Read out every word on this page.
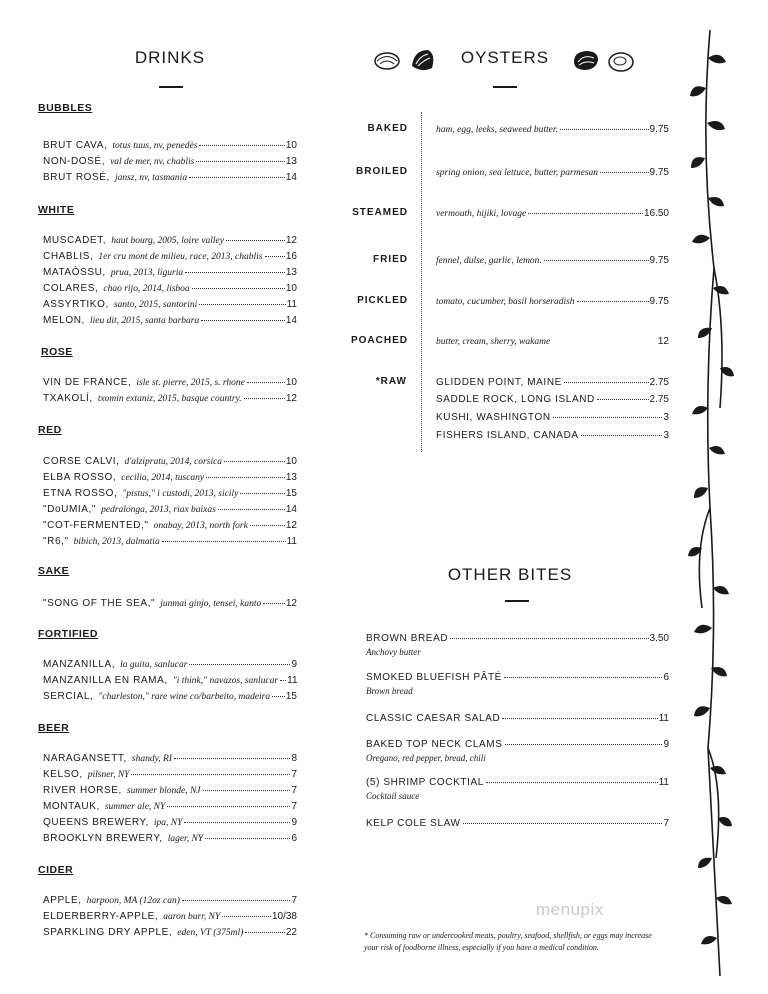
DRINKS	OYSTERS
BUBBLES
BRUT CAVA, totus tuus, nv, penedès	10
NON-DOSÉ, val de mer, nv, chablis	13
BRUT ROSÉ, jansz, nv, tasmania	14
WHITE
MUSCADET, haut bourg, 2005, loire valley	12
CHABLIS, 1er cru mont de milieu, race, 2013, chablis 16
MATAÒSSU, prua, 2013, liguria	13
COLARES, chao rijo, 2014, lisboa	10
ASSYRTIKO, santo, 2015, santorini	11
MELON, lieu dit, 2015, santa barbara	14
ROSE
VIN DE FRANCE, isle st. pierre, 2015, s. rhone	10
TXAKOLÍ, txomin extaniz, 2015, basque country.	12
RED
CORSE CALVI, d'alzipratu, 2014, corsica	10
ELBA ROSSO, cecilia, 2014, tuscany	13
ETNA ROSSO, "pistus," i custodi, 2013, sicily	15
"DoUMIA," pedralonga, 2013, riax baixas	14
"COT-FERMENTED," onabay, 2013, north fork	12
"R6," bibich, 2013, dalmatia	11
SAKE
"SONG OF THE SEA," junmai ginjo, tensei, kanto 12
FORTIFIED
MANZANILLA, la guita, sanlucar	9
MANZANILLA EN RAMA, "i think," navazos, sanlucar 11
SERCIAL, "charleston," rare wine co/barbeito, madeira 15
BEER
NARAGANSETT, shandy, RI	8
KELSO, pilsner, NY	7
RIVER HORSE, summer blonde, NJ	7
MONTAUK, summer ale, NY	7
QUEENS BREWERY, ipa, NY	9
BROOKLYN BREWERY, lager, NY	6
CIDER
APPLE, harpoon, MA (12oz can)	7
ELDERBERRY-APPLE, aaron burr, NY	10/38
SPARKLING DRY APPLE, eden, VT (375ml)	22
BAKED	ham, egg, leeks, seaweed butter.	9.75
BROILED	spring onion, sea lettuce, butter, parmesan	9.75
STEAMED	vermouth, hijiki, lovage	16.50
FRIED	fennel, dulse, garlic, lemon.	9.75
PICKLED	tomato, cucumber, basil horseradish	9.75
POACHED	butter, cream, sherry, wakame	12
*RAW	GLIDDEN POINT, MAINE	2.75
SADDLE ROCK, LONG ISLAND	2.75
KUSHI, WASHINGTON	3
FISHERS ISLAND, CANADA	3
OTHER BITES
BROWN BREAD	3.50
Anchovy butter
SMOKED BLUEFISH PÂTÉ	6
Brown bread
CLASSIC CAESAR SALAD	11
BAKED TOP NECK CLAMS	9
Oregano, red pepper, bread, chili
(5) SHRIMP COCKTIAL	11
Cocktail sauce
KELP COLE SLAW	7
menupix
* Consuming raw or undercooked meats, poultry, seafood, shellfish, or eggs may increase
your risk of foodborne illness, especially if you have a medical condition.
